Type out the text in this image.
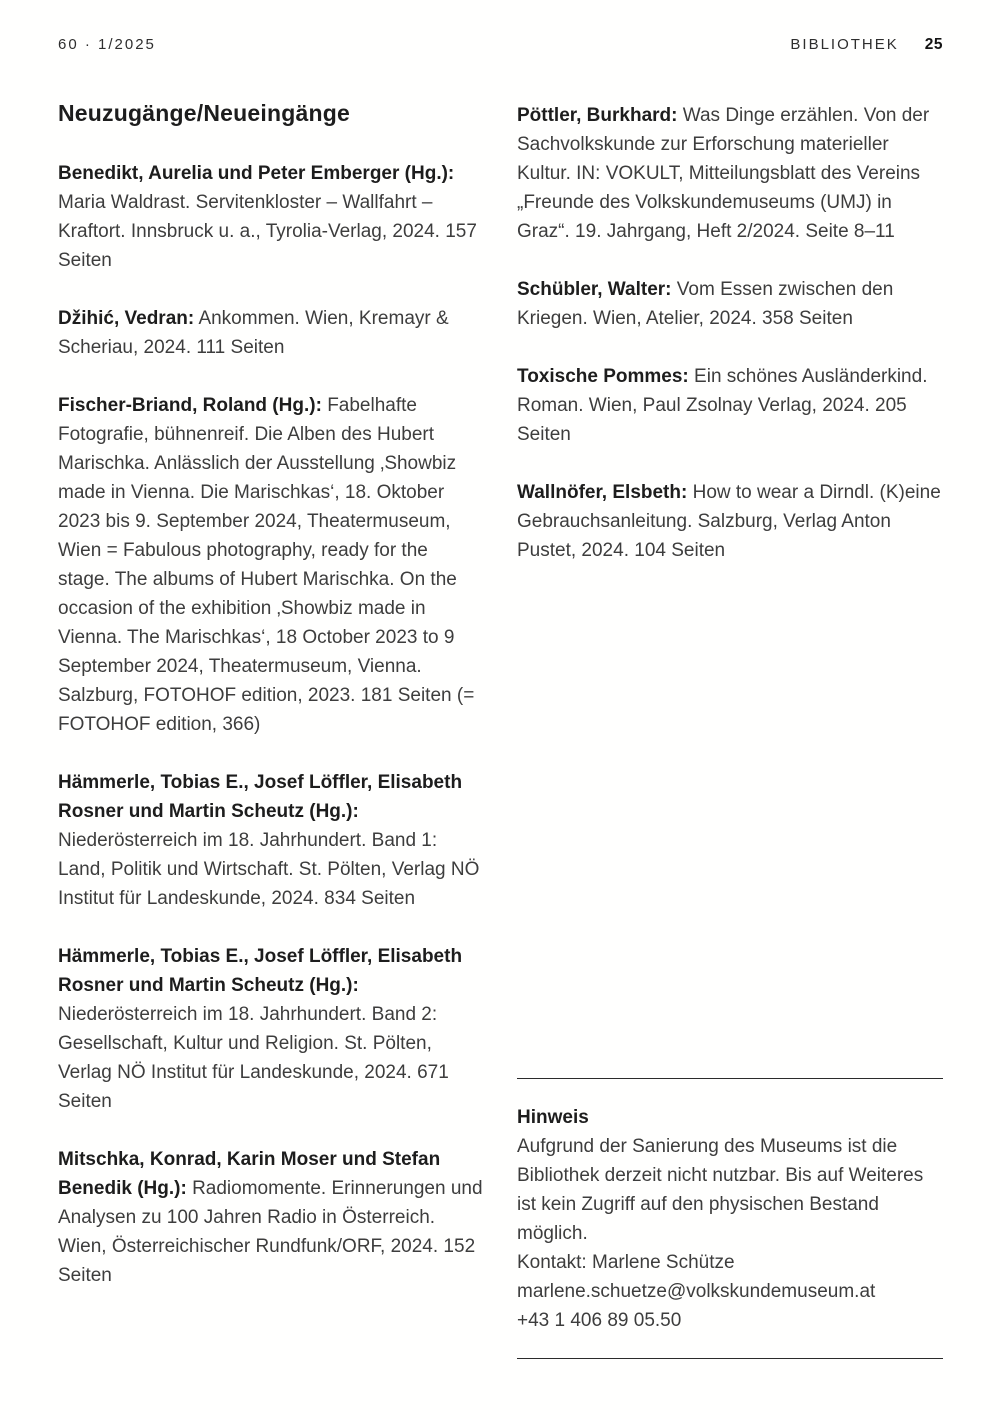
60 · 1/2025	BIBLIOTHEK 25
Neuzugänge/Neueingänge
Benedikt, Aurelia und Peter Emberger (Hg.): Maria Waldrast. Servitenkloster – Wallfahrt – Kraftort. Innsbruck u. a., Tyrolia-Verlag, 2024. 157 Seiten
Džihić, Vedran: Ankommen. Wien, Kremayr & Scheriau, 2024. 111 Seiten
Fischer-Briand, Roland (Hg.): Fabelhafte Fotografie, bühnenreif. Die Alben des Hubert Marischka. Anlässlich der Ausstellung ‚Showbiz made in Vienna. Die Marischkas‘, 18. Oktober 2023 bis 9. September 2024, Theatermuseum, Wien = Fabulous photography, ready for the stage. The albums of Hubert Marischka. On the occasion of the exhibition ‚Showbiz made in Vienna. The Marischkas‘, 18 October 2023 to 9 September 2024, Theatermuseum, Vienna. Salzburg, FOTOHOF edition, 2023. 181 Seiten (= FOTOHOF edition, 366)
Hämmerle, Tobias E., Josef Löffler, Elisabeth Rosner und Martin Scheutz (Hg.): Niederösterreich im 18. Jahrhundert. Band 1: Land, Politik und Wirtschaft. St. Pölten, Verlag NÖ Institut für Landeskunde, 2024. 834 Seiten
Hämmerle, Tobias E., Josef Löffler, Elisabeth Rosner und Martin Scheutz (Hg.): Niederösterreich im 18. Jahrhundert. Band 2: Gesellschaft, Kultur und Religion. St. Pölten, Verlag NÖ Institut für Landeskunde, 2024. 671 Seiten
Mitschka, Konrad, Karin Moser und Stefan Benedik (Hg.): Radiomomente. Erinnerungen und Analysen zu 100 Jahren Radio in Österreich. Wien, Österreichischer Rundfunk/ORF, 2024. 152 Seiten
Pöttler, Burkhard: Was Dinge erzählen. Von der Sachvolkskunde zur Erforschung materieller Kultur. IN: VOKULT, Mitteilungsblatt des Vereins „Freunde des Volkskundemuseums (UMJ) in Graz“. 19. Jahrgang, Heft 2/2024. Seite 8–11
Schübler, Walter: Vom Essen zwischen den Kriegen. Wien, Atelier, 2024. 358 Seiten
Toxische Pommes: Ein schönes Ausländerkind. Roman. Wien, Paul Zsolnay Verlag, 2024. 205 Seiten
Wallnöfer, Elsbeth: How to wear a Dirndl. (K)eine Gebrauchsanleitung. Salzburg, Verlag Anton Pustet, 2024. 104 Seiten
Hinweis

Aufgrund der Sanierung des Museums ist die Bibliothek derzeit nicht nutzbar. Bis auf Weiteres ist kein Zugriff auf den physischen Bestand möglich.

Kontakt: Marlene Schütze

marlene.schuetze@volkskundemuseum.at

+43 1 406 89 05.50
